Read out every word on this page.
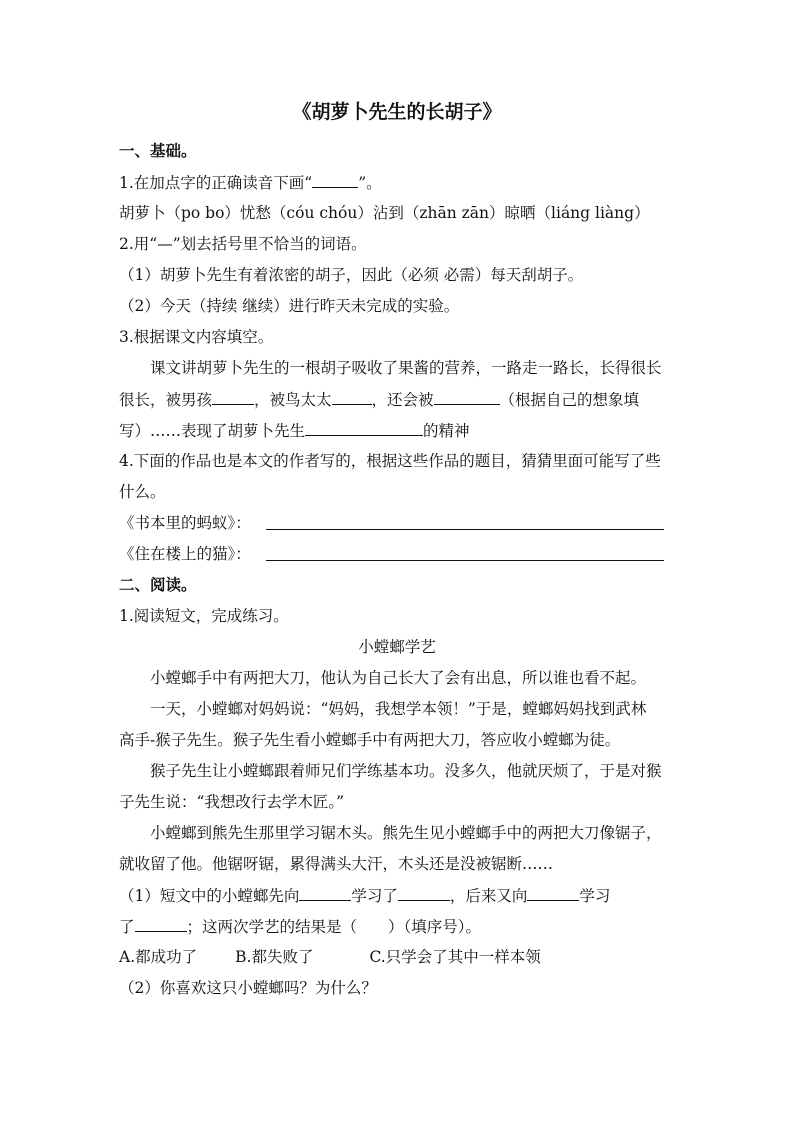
《胡萝卜先生的长胡子》
一、基础。
1.在加点字的正确读音下画“	”。
胡萝卜（pо bо）忧愁（cóu chóu）沾到（zhān zān）晾晒（liáng liàng）
2.用“—”划去括号里不恰当的词语。
（1）胡萝卜先生有着浓密的胡子，因此（必须 必需）每天刮胡子。
（2）今天（持续 继续）进行昨天未完成的实验。
3.根据课文内容填空。
课文讲胡萝卜先生的一根胡子吸收了果酱的营养，一路走一路长，长得很长
很长，被男孩	，被鸟太太	，还会被	（根据自己的想象填
写）……表现了胡萝卜先生	的精神
4.下面的作品也是本文的作者写的，根据这些作品的题目，猜猜里面可能写了些
什么。
《书本里的蚂蚁》：
《住在楼上的猫》：
二、阅读。
1.阅读短文，完成练习。
小螳螂学艺
小螳螂手中有两把大刀，他认为自己长大了会有出息，所以谁也看不起。
一天，小螳螂对妈妈说：“妈妈，我想学本领！”于是，螳螂妈妈找到武林
高手-猴子先生。猴子先生看小螳螂手中有两把大刀，答应收小螳螂为徒。
猴子先生让小螳螂跟着师兄们学练基本功。没多久，他就厌烦了，于是对猴
子先生说：“我想改行去学木匠。”
小螳螂到熊先生那里学习锯木头。熊先生见小螳螂手中的两把大刀像锯子，
就收留了他。他锯呀锯，累得满头大汗，木头还是没被锯断……
（1）短文中的小螳螂先向	学习了	，后来又向	学习
了	；这两次学艺的结果是（　　）（填序号）。
A.都成功了 B.都失败了	C.只学会了其中一样本领
（2）你喜欢这只小螳螂吗？为什么？
